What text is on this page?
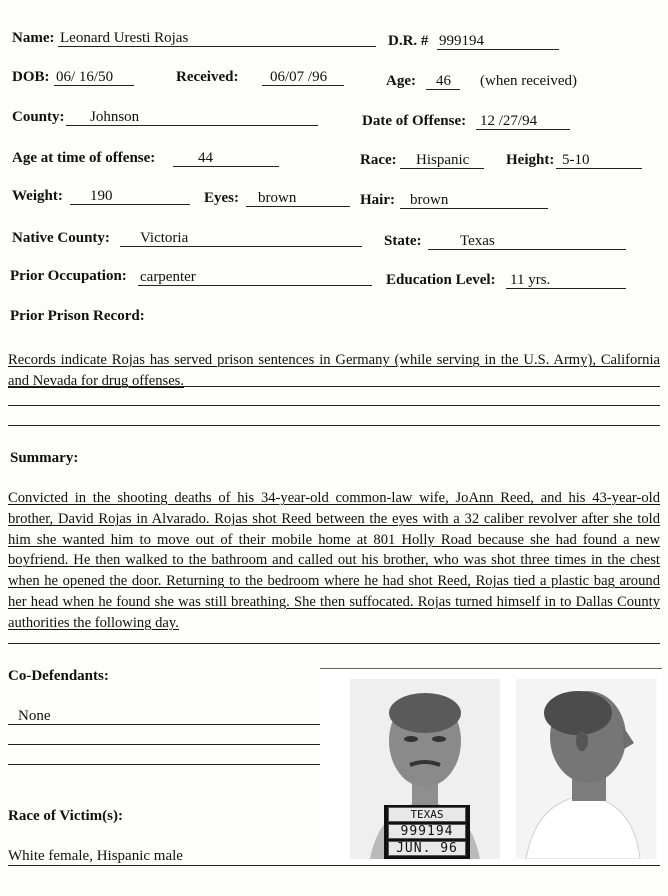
Name: Leonard Uresti Rojas	D.R. # 999194
DOB: 06/ 16/50	Received: 06/07 /96	Age: 46 (when received)
County: Johnson	Date of Offense: 12 /27/94
Age at time of offense:	44	Race: Hispanic Height: 5-10
Weight: 190	Eyes: brown	Hair: brown
Native County: Victoria	State:	Texas
Prior Occupation: carpenter	Education Level: 11 yrs.
Prior Prison Record:
Records indicate Rojas has served prison sentences in Germany (while serving in the U.S. Army), California and Nevada for drug offenses.
Summary:
Convicted in the shooting deaths of his 34-year-old common-law wife, JoAnn Reed, and his 43-year-old brother, David Rojas in Alvarado. Rojas shot Reed between the eyes with a 32 caliber revolver after she told him she wanted him to move out of their mobile home at 801 Holly Road because she had found a new boyfriend. He then walked to the bathroom and called out his brother, who was shot three times in the chest when he opened the door. Returning to the bedroom where he had shot Reed, Rojas tied a plastic bag around her head when he found she was still breathing. She then suffocated. Rojas turned himself in to Dallas County authorities the following day.
Co-Defendants:
None
Race of Victim(s):
White female, Hispanic male
TEXAS
999194
JUN. 96
